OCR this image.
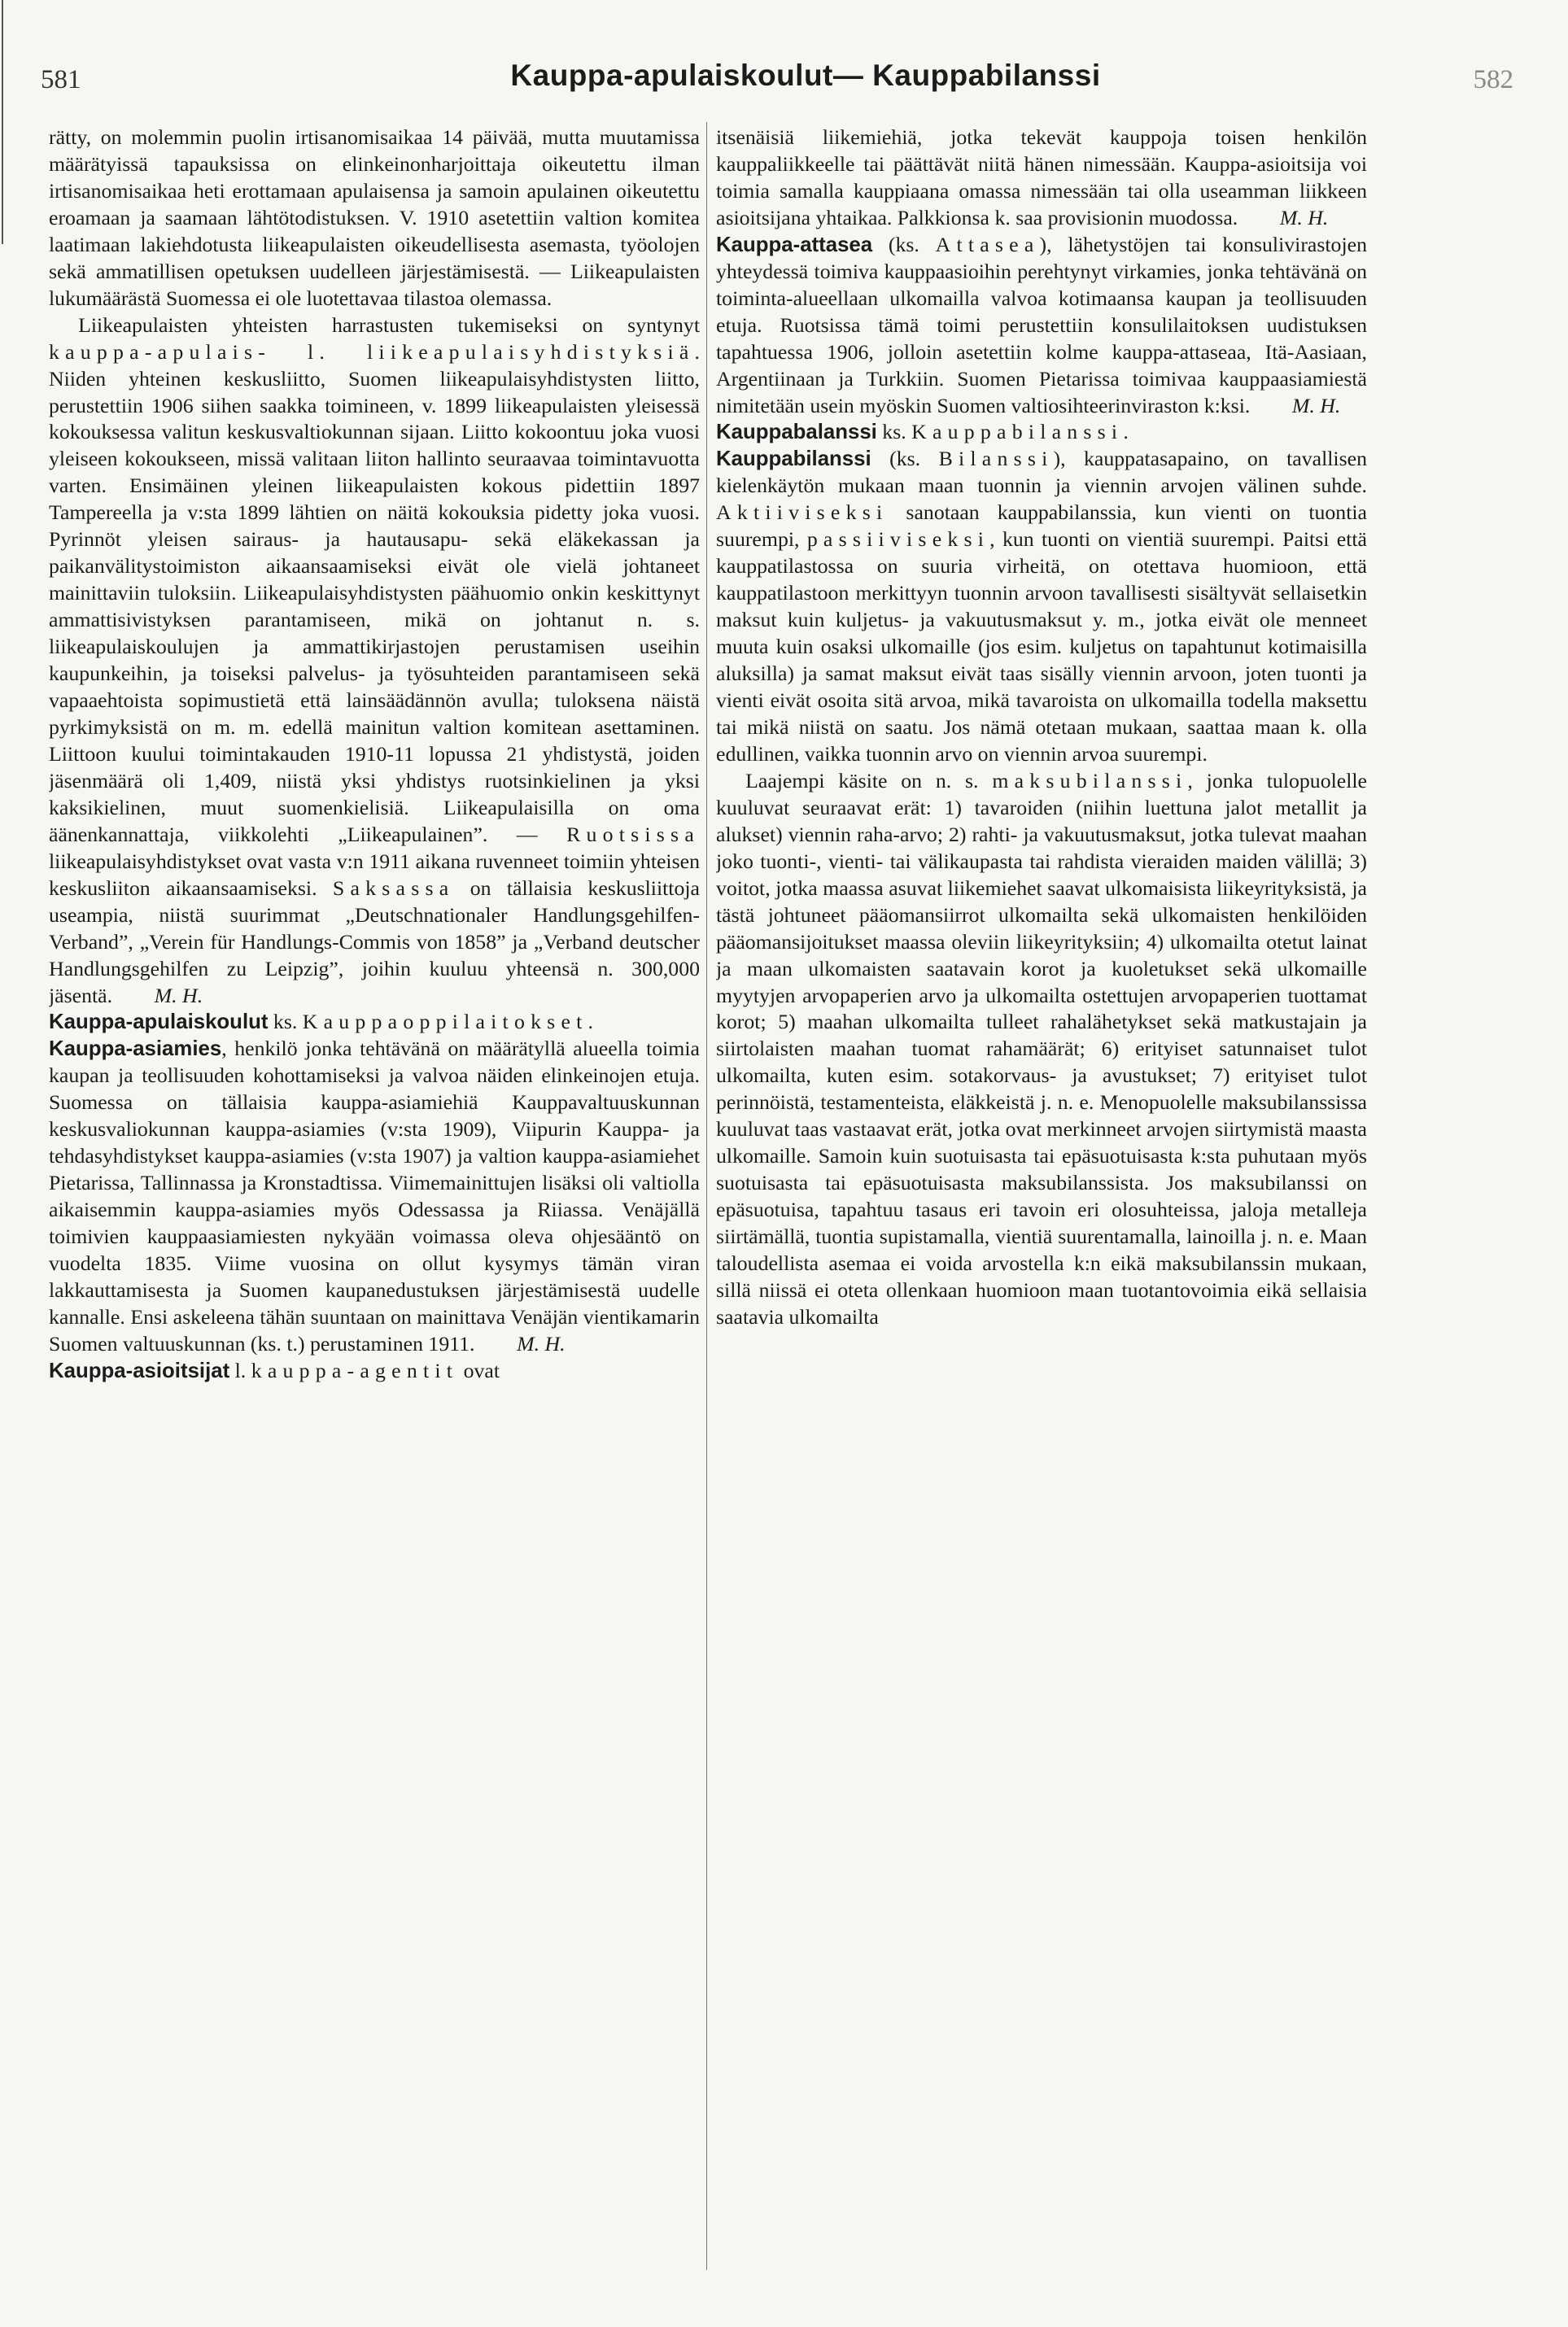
581	Kauppa-apulaiskoulut— Kauppabilanssi	582

rätty, on molemmin puolin irtisanomisaikaa 14 päivää, mutta muutamissa määrätyissä tapauksissa on elinkeinonharjoittaja oikeutettu ilman irtisanomisaikaa heti erottamaan apulaisensa ja samoin apulainen oikeutettu eroamaan ja saamaan lähtötodistuksen. V. 1910 asetettiin valtion komitea laatimaan lakiehdotusta liikeapulaisten oikeudellisesta asemasta, työolojen sekä ammatillisen opetuksen uudelleen järjestämisestä. — Liikeapulaisten lukumäärästä Suomessa ei ole luotettavaa tilastoa olemassa.

Liikeapulaisten yhteisten harrastusten tukemiseksi on syntynyt kauppa-apulais- l. liikeapulaisyhdistyksiä. Niiden yhteinen keskusliitto, Suomen liikeapulaisyhdistysten liitto, perustettiin 1906 siihen saakka toimineen, v. 1899 liikeapulaisten yleisessä kokouksessa valitun keskusvaltiokunnan sijaan. Liitto kokoontuu joka vuosi yleiseen kokoukseen, missä valitaan liiton hallinto seuraavaa toimintavuotta varten. Ensimäinen yleinen liikeapulaisten kokous pidettiin 1897 Tampereella ja v:sta 1899 lähtien on näitä kokouksia pidetty joka vuosi. Pyrinnöt yleisen sairaus- ja hautausapu- sekä eläkekassan ja paikanvälitystoimiston aikaansaamiseksi eivät ole vielä johtaneet mainittaviin tuloksiin. Liikeapulaisyhdistysten päähuomio onkin keskittynyt ammattisivistyksen parantamiseen, mikä on johtanut n. s. liikeapulaiskoulujen ja ammattikirjastojen perustamisen useihin kaupunkeihin, ja toiseksi palvelus- ja työsuhteiden parantamiseen sekä vapaaehtoista sopimustietä että lainsäädännön avulla; tuloksena näistä pyrkimyksistä on m. m. edellä mainitun valtion komitean asettaminen. Liittoon kuului toimintakauden 1910-11 lopussa 21 yhdistystä, joiden jäsenmäärä oli 1,409, niistä yksi yhdistys ruotsinkielinen ja yksi kaksikielinen, muut suomenkielisiä. Liikeapulaisilla on oma äänenkannattaja, viikkolehti „Liikeapulainen”. — Ruotsissa liikeapulaisyhdistykset ovat vasta v:n 1911 aikana ruvenneet toimiin yhteisen keskusliiton aikaansaamiseksi. Saksassa on tällaisia keskusliittoja useampia, niistä suurimmat „Deutschnationaler Handlungsgehilfen-Verband”, „Verein für Handlungs-Commis von 1858” ja „Verband deutscher Handlungsgehilfen zu Leipzig”, joihin kuuluu yhteensä n. 300,000 jäsentä. M. H.

Kauppa-apulaiskoulut ks. Kauppaoppilaitokset.

Kauppa-asiamies, henkilö jonka tehtävänä on määrätyllä alueella toimia kaupan ja teollisuuden kohottamiseksi ja valvoa näiden elinkeinojen etuja. Suomessa on tällaisia kauppa-asiamiehiä Kauppavaltuuskunnan keskusvaliokunnan kauppa-asiamies (v:sta 1909), Viipurin Kauppa- ja tehdasyhdistykset kauppa-asiamies (v:sta 1907) ja valtion kauppa-asiamiehet Pietarissa, Tallinnassa ja Kronstadtissa. Viimemainittujen lisäksi oli valtiolla aikaisemmin kauppa-asiamies myös Odessassa ja Riiassa. Venäjällä toimivien kauppaasiamiesten nykyään voimassa oleva ohjesääntö on vuodelta 1835. Viime vuosina on ollut kysymys tämän viran lakkauttamisesta ja Suomen kaupanedustuksen järjestämisestä uudelle kannalle. Ensi askeleena tähän suuntaan on mainittava Venäjän vientikamarin Suomen valtuuskunnan (ks. t.) perustaminen 1911. M. H.

Kauppa-asioitsijat l. kauppa-agentit ovat

itsenäisiä liikemiehiä, jotka tekevät kauppoja toisen henkilön kauppaliikkeelle tai päättävät niitä hänen nimessään. Kauppa-asioitsija voi toimia samalla kauppiaana omassa nimessään tai olla useamman liikkeen asioitsijana yhtaikaa. Palkkionsa k. saa provisionin muodossa. M. H.

Kauppa-attasea (ks. Attasea), lähetystöjen tai konsulivirastojen yhteydessä toimiva kauppaasioihin perehtynyt virkamies, jonka tehtävänä on toiminta-alueellaan ulkomailla valvoa kotimaansa kaupan ja teollisuuden etuja. Ruotsissa tämä toimi perustettiin konsulilaitoksen uudistuksen tapahtuessa 1906, jolloin asetettiin kolme kauppa-attaseaa, Itä-Aasiaan, Argentiinaan ja Turkkiin. Suomen Pietarissa toimivaa kauppaasiamiestä nimitetään usein myöskin Suomen valtiosihteerinviraston k:ksi. M. H.

Kauppabalanssi ks. Kauppabilanssi.

Kauppabilanssi (ks. Bilanssi), kauppatasapaino, on tavallisen kielenkäytön mukaan maan tuonnin ja viennin arvojen välinen suhde. Aktiiviseksi sanotaan kauppabilanssia, kun vienti on tuontia suurempi, passiiviseksi, kun tuonti on vientiä suurempi. Paitsi että kauppatilastossa on suuria virheitä, on otettava huomioon, että kauppatilastoon merkittyyn tuonnin arvoon tavallisesti sisältyvät sellaisetkin maksut kuin kuljetus- ja vakuutusmaksut y. m., jotka eivät ole menneet muuta kuin osaksi ulkomaille (jos esim. kuljetus on tapahtunut kotimaisilla aluksilla) ja samat maksut eivät taas sisälly viennin arvoon, joten tuonti ja vienti eivät osoita sitä arvoa, mikä tavaroista on ulkomailla todella maksettu tai mikä niistä on saatu. Jos nämä otetaan mukaan, saattaa maan k. olla edullinen, vaikka tuonnin arvo on viennin arvoa suurempi.

Laajempi käsite on n. s. maksubilanssi, jonka tulopuolelle kuuluvat seuraavat erät: 1) tavaroiden (niihin luettuna jalot metallit ja alukset) viennin raha-arvo; 2) rahti- ja vakuutusmaksut, jotka tulevat maahan joko tuonti-, vienti- tai välikaupasta tai rahdista vieraiden maiden välillä; 3) voitot, jotka maassa asuvat liikemiehet saavat ulkomaisista liikeyrityksistä, ja tästä johtuneet pääomansiirrot ulkomailta sekä ulkomaisten henkilöiden pääomansijoitukset maassa oleviin liikeyrityksiin; 4) ulkomailta otetut lainat ja maan ulkomaisten saatavain korot ja kuoletukset sekä ulkomaille myytyjen arvopaperien arvo ja ulkomailta ostettujen arvopaperien tuottamat korot; 5) maahan ulkomailta tulleet rahalähetykset sekä matkustajain ja siirtolaisten maahan tuomat rahamäärät; 6) erityiset satunnaiset tulot ulkomailta, kuten esim. sotakorvaus- ja avustukset; 7) erityiset tulot perinnöistä, testamenteista, eläkkeistä j. n. e. Menopuolelle maksubilanssissa kuuluvat taas vastaavat erät, jotka ovat merkinneet arvojen siirtymistä maasta ulkomaille. Samoin kuin suotuisasta tai epäsuotuisasta k:sta puhutaan myös suotuisasta tai epäsuotuisasta maksubilanssista. Jos maksubilanssi on epäsuotuisa, tapahtuu tasaus eri tavoin eri olosuhteissa, jaloja metalleja siirtämällä, tuontia supistamalla, vientiä suurentamalla, lainoilla j. n. e. Maan taloudellista asemaa ei voida arvostella k:n eikä maksubilanssin mukaan, sillä niissä ei oteta ollenkaan huomioon maan tuotantovoimia eikä sellaisia saatavia ulkomailta
